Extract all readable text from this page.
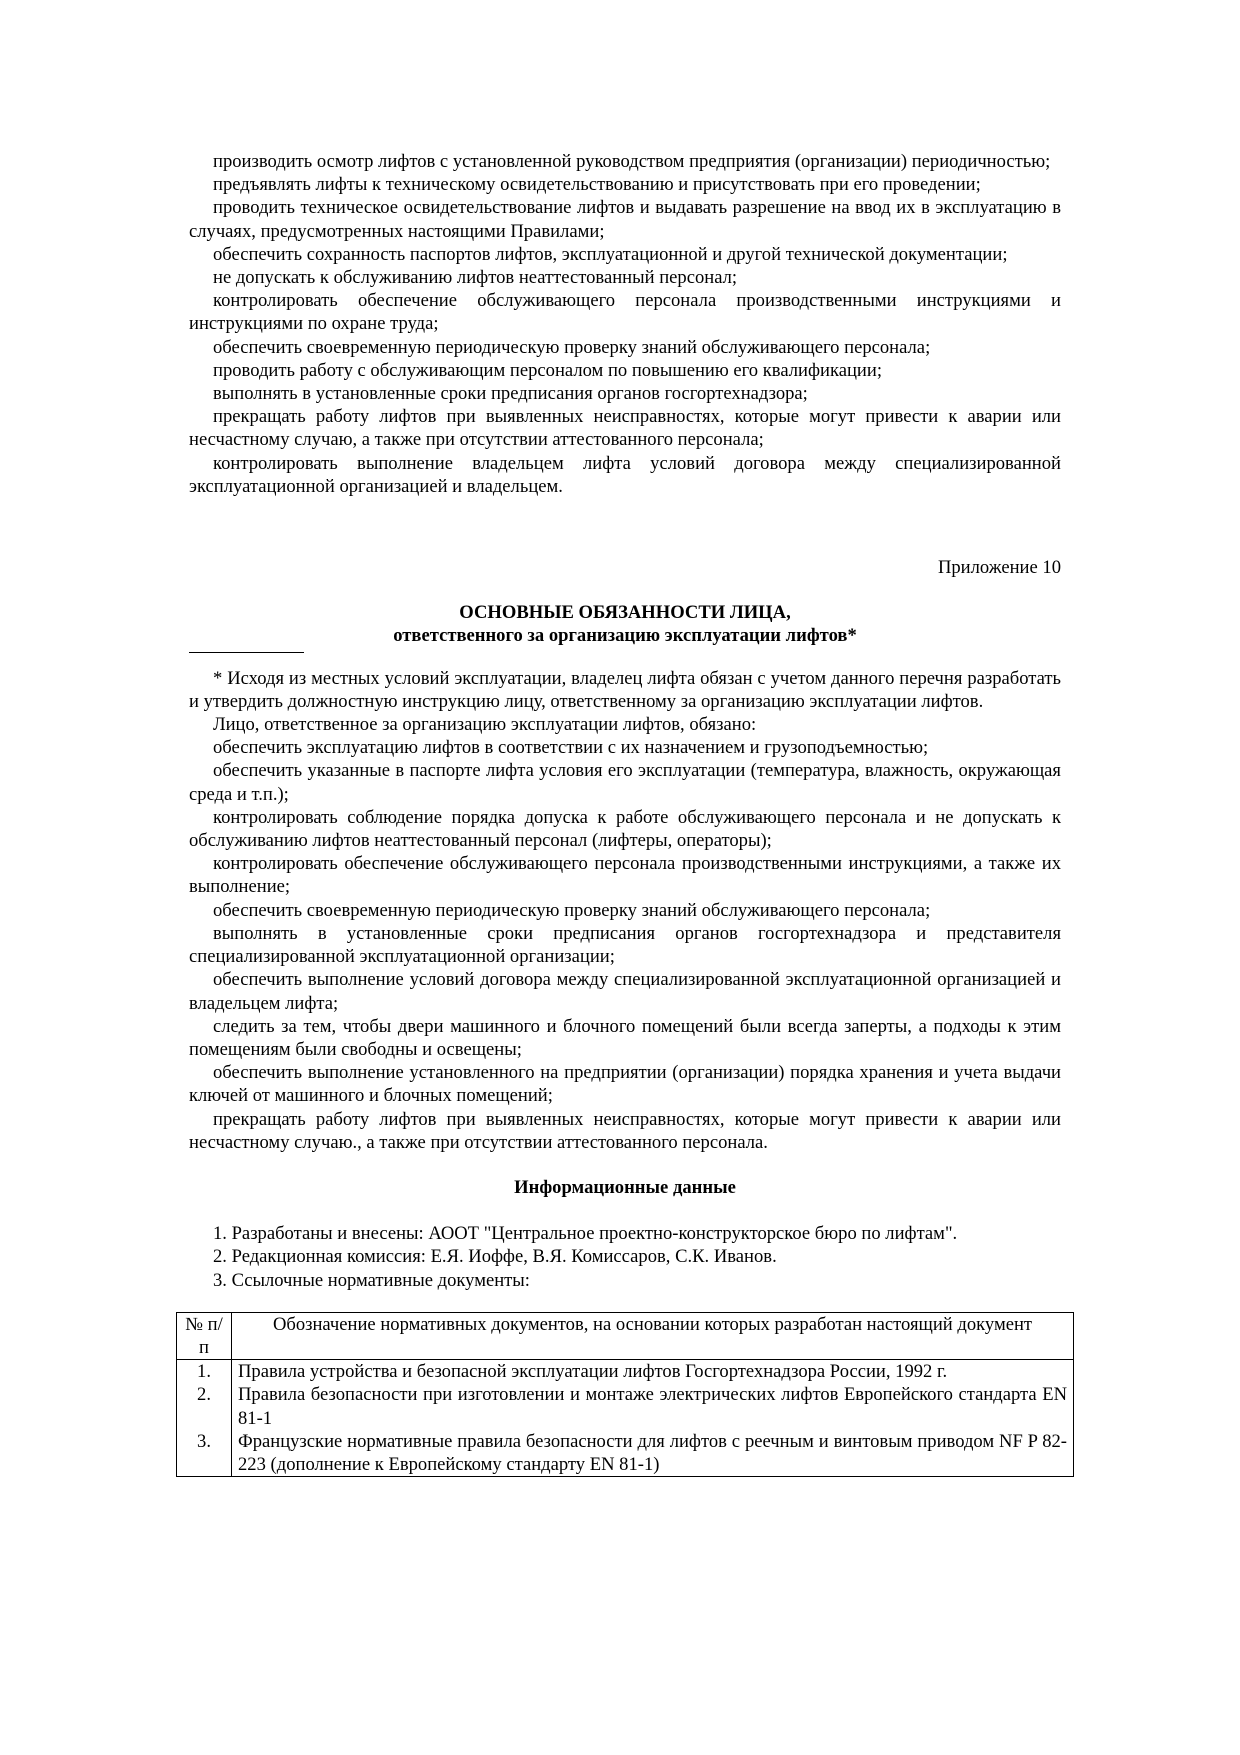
производить осмотр лифтов с установленной руководством предприятия (организации) периодичностью;

предъявлять лифты к техническому освидетельствованию и присутствовать при его проведении;

проводить техническое освидетельствование лифтов и выдавать разрешение на ввод их в эксплуатацию в случаях, предусмотренных настоящими Правилами;

обеспечить сохранность паспортов лифтов, эксплуатационной и другой технической документации;

не допускать к обслуживанию лифтов неаттестованный персонал;

контролировать обеспечение обслуживающего персонала производственными инструкциями и инструкциями по охране труда;

обеспечить своевременную периодическую проверку знаний обслуживающего персонала;

проводить работу с обслуживающим персоналом по повышению его квалификации;

выполнять в установленные сроки предписания органов госгортехнадзора;

прекращать работу лифтов при выявленных неисправностях, которые могут привести к аварии или несчастному случаю, а также при отсутствии аттестованного персонала;

контролировать выполнение владельцем лифта условий договора между специализированной эксплуатационной организацией и владельцем.

Приложение 10

ОСНОВНЫЕ ОБЯЗАННОСТИ ЛИЦА,

ответственного за организацию эксплуатации лифтов*

* Исходя из местных условий эксплуатации, владелец лифта обязан с учетом данного перечня разработать и утвердить должностную инструкцию лицу, ответственному за организацию эксплуатации лифтов.

Лицо, ответственное за организацию эксплуатации лифтов, обязано:

обеспечить эксплуатацию лифтов в соответствии с их назначением и грузоподъемностью;

обеспечить указанные в паспорте лифта условия его эксплуатации (температура, влажность, окружающая среда и т.п.);

контролировать соблюдение порядка допуска к работе обслуживающего персонала и не допускать к обслуживанию лифтов неаттестованный персонал (лифтеры, операторы);

контролировать обеспечение обслуживающего персонала производственными инструкциями, а также их выполнение;

обеспечить своевременную периодическую проверку знаний обслуживающего персонала;

выполнять в установленные сроки предписания органов госгортехнадзора и представителя специализированной эксплуатационной организации;

обеспечить выполнение условий договора между специализированной эксплуатационной организацией и владельцем лифта;

следить за тем, чтобы двери машинного и блочного помещений были всегда заперты, а подходы к этим помещениям были свободны и освещены;

обеспечить выполнение установленного на предприятии (организации) порядка хранения и учета выдачи ключей от машинного и блочных помещений;

прекращать работу лифтов при выявленных неисправностях, которые могут привести к аварии или несчастному случаю., а также при отсутствии аттестованного персонала.

Информационные данные

1. Разработаны и внесены: АООТ "Центральное проектно-конструкторское бюро по лифтам".

2. Редакционная комиссия: Е.Я. Иоффе, В.Я. Комиссаров, С.К. Иванов.

3. Ссылочные нормативные документы:

№ п/п	Обозначение нормативных документов, на основании которых разработан настоящий документ
1.	Правила устройства и безопасной эксплуатации лифтов Госгортехнадзора России, 1992 г.
2.	Правила безопасности при изготовлении и монтаже электрических лифтов Европейского стандарта EN 81-1
3.	Французские нормативные правила безопасности для лифтов с реечным и винтовым приводом NF P 82-223 (дополнение к Европейскому стандарту EN 81-1)
